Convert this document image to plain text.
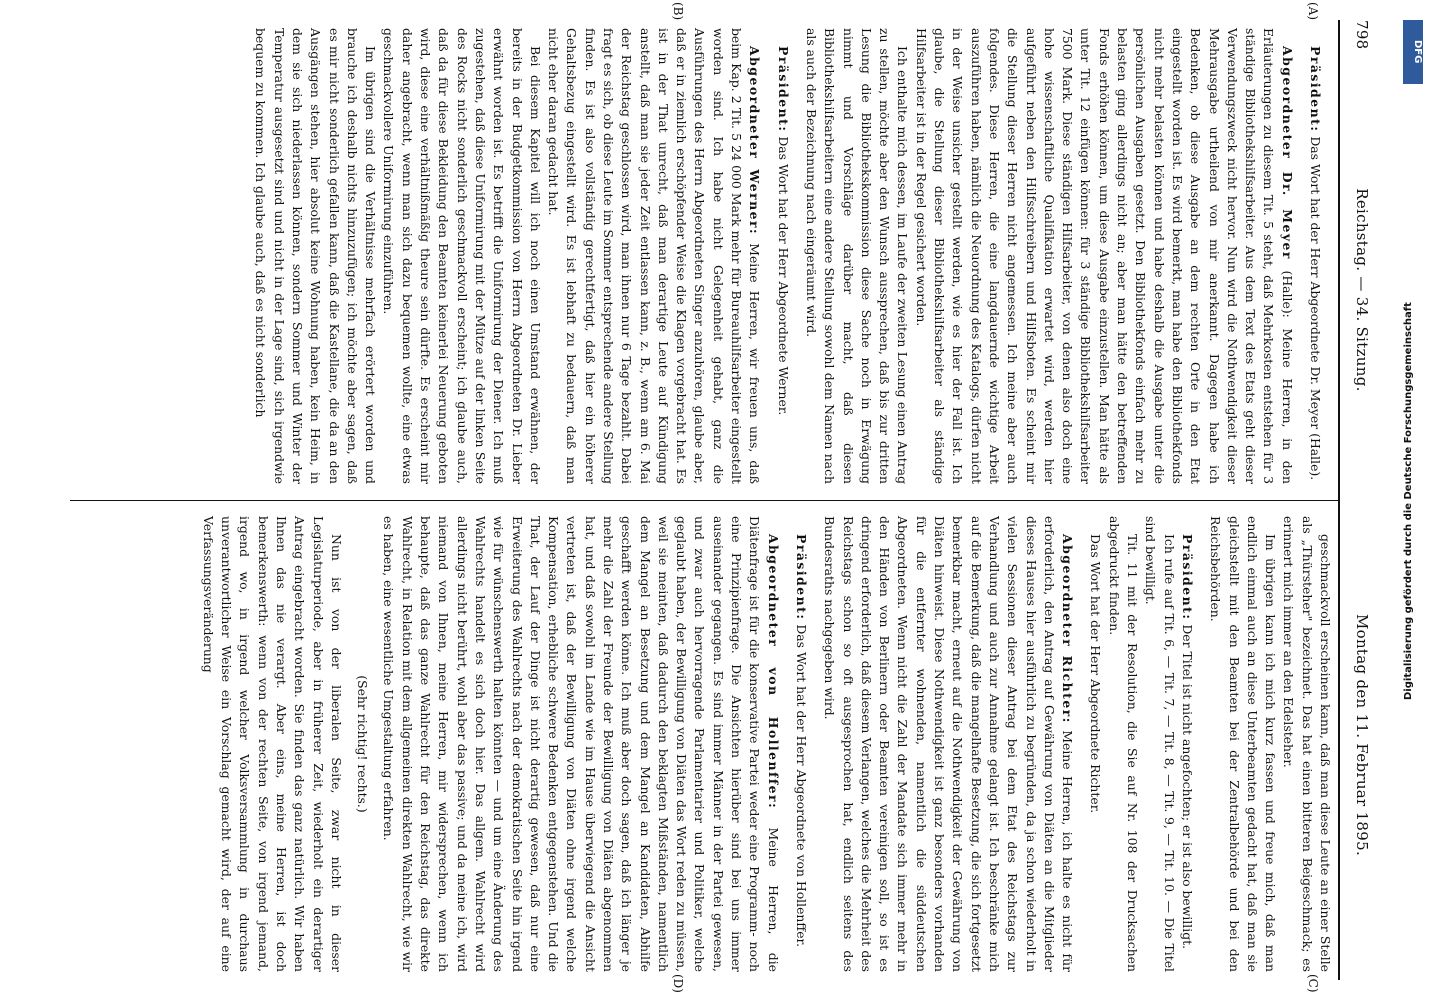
798
Reichstag. — 34. Sitzung.
Montag den 11. Februar 1895.
(A)
(B)
(C)
(D)

Präsident: Das Wort hat der Herr Abgeordnete Dr. Meyer (Halle).

Abgeordneter Dr. Meyer (Halle): Meine Herren, in den Erläuterungen zu diesem Tit. 5 steht, daß Mehrkosten entstehen für 3 ständige Bibliothekshilfsarbeiter. Aus dem Text des Etats geht dieser Verwendungszweck nicht hervor. Nun wird die Nothwendigkeit dieser Mehrausgabe urtheilend von mir anerkannt. Dagegen habe ich Bedenken, ob diese Ausgabe an dem rechten Orte in den Etat eingestellt worden ist. Es wird bemerkt, man habe den Bibliothekfonds nicht mehr belasten können und habe deshalb die Ausgabe unter die persönlichen Ausgaben gesetzt. Den Bibliothekfonds einfach mehr zu belasten ging allerdings nicht an; aber man hätte den betreffenden Fonds erhöhen können, um diese Ausgabe einzustellen. Man hätte als unter Tit. 12 einfügen können: für 3 ständige Bibliothekshilfsarbeiter 7500 Mark. Diese ständigen Hilfsarbeiter, von denen also doch eine hohe wissenschaftliche Qualifikation erwartet wird, werden hier aufgeführt neben den Hilfsschreibern und Hilfsboten. Es scheint mir die Stellung dieser Herren nicht angemessen. Ich meine aber auch folgendes. Diese Herren, die eine langdauernde wichtige Arbeit auszuführen haben, nämlich die Neuordnung des Katalogs, dürfen nicht in der Weise unsicher gestellt werden, wie es hier der Fall ist. Ich glaube, die Stellung dieser Bibliothekshilfsarbeiter als ständige Hilfsarbeiter ist in der Regel gesichert worden.

Ich enthalte mich dessen, im Laufe der zweiten Lesung einen Antrag zu stellen, möchte aber den Wunsch aussprechen, daß bis zur dritten Lesung die Bibliothekskommission diese Sache noch in Erwägung nimmt und Vorschläge darüber macht, daß diesen Bibliothekshilfsarbeitern eine andere Stellung sowohl dem Namen nach als auch der Bezeichnung nach eingeräumt wird.

Präsident: Das Wort hat der Herr Abgeordnete Werner.

Abgeordneter Werner: Meine Herren, wir freuen uns, daß beim Kap. 2 Tit. 5 24 000 Mark mehr für Bureauhilfsarbeiter eingestellt worden sind. Ich habe nicht Gelegenheit gehabt, ganz die Ausführungen des Herrn Abgeordneten Singer anzuhören, glaube aber, daß er in ziemlich erschöpfender Weise die Klagen vorgebracht hat. Es ist in der That unrecht, daß man derartige Leute auf Kündigung anstellt, daß man sie jeder Zeit entlassen kann, z. B., wenn am 6. Mai der Reichstag geschlossen wird, man ihnen nur 6 Tage bezahlt. Dabei fragt es sich, ob diese Leute im Sommer entsprechende andere Stellung finden. Es ist also vollständig gerechtfertigt, daß hier ein höherer Gehaltsbezug eingestellt wird. Es ist lebhaft zu bedauern, daß man nicht eher daran gedacht hat.

Bei diesem Kapitel will ich noch einen Umstand erwähnen, der bereits in der Budgetkommission von Herrn Abgeordneten Dr. Lieber erwähnt worden ist. Es betrifft die Uniformirung der Diener. Ich muß zugestehen, daß diese Uniformirung mit der Mütze auf der linken Seite des Rocks nicht sonderlich geschmackvoll erscheint; ich glaube auch, daß da für diese Bekleidung den Beamten keinerlei Neuerung geboten wird, diese eine verhältnißmäßig theure sein dürfte. Es erscheint mir daher angebracht, wenn man sich dazu bequemen wollte, eine etwas geschmackvollere Uniformirung einzuführen.

Im übrigen sind die Verhältnisse mehrfach erörtert worden und brauche ich deshalb nichts hinzuzufügen; ich möchte aber sagen, daß es mir nicht sonderlich gefallen kann, daß die Kastellane, die da an den Ausgängen stehen, hier absolut keine Wohnung haben, kein Heim, in dem sie sich niederlassen können, sondern Sommer und Winter der Temperatur ausgesetzt sind und nicht in der Lage sind, sich irgendwie bequem zu kommen. Ich glaube auch, daß es nicht sonderlich

geschmackvoll erscheinen kann, daß man diese Leute an einer Stelle als „Thürsteher" bezeichnet. Das hat einen bitteren Beigeschmack; es erinnert mich immer an den Edelsteher.

Im übrigen kann ich mich kurz fassen und freue mich, daß man endlich einmal auch an diese Unterbeamten gedacht hat, daß man sie gleichstellt mit den Beamten bei der Zentralbehörde und bei den Reichsbehörden.

Präsident: Der Titel ist nicht angefochten; er ist also bewilligt.

Ich rufe auf Tit. 6, — Tit. 7, — Tit. 8, — Tit. 9, — Tit. 10. — Die Titel sind bewilligt.

Tit. 11 mit der Resolution, die Sie auf Nr. 108 der Drucksachen abgedruckt finden.

Das Wort hat der Herr Abgeordnete Richter.

Abgeordneter Richter: Meine Herren, ich halte es nicht für erforderlich, den Antrag auf Gewährung von Diäten an die Mitglieder dieses Hauses hier ausführlich zu begründen, da ja schon wiederholt in vielen Sessionen dieser Antrag bei dem Etat des Reichstags zur Verhandlung und auch zur Annahme gelangt ist. Ich beschränke mich auf die Bemerkung, daß die mangelhafte Besetzung, die sich fortgesetzt bemerkbar macht, erneut auf die Nothwendigkeit der Gewährung von Diäten hinweist. Diese Nothwendigkeit ist ganz besonders vorhanden für die entfernter wohnenden, namentlich die süddeutschen Abgeordneten. Wenn nicht die Zahl der Mandate sich immer mehr in den Händen von Berlinern oder Beamten vereinigen soll, so ist es dringend erforderlich, daß diesem Verlangen, welches die Mehrheit des Reichstags schon so oft ausgesprochen hat, endlich seitens des Bundesraths nachgegeben wird.

Präsident: Das Wort hat der Herr Abgeordnete von Hollenffer.

Abgeordneter von Hollenffer: Meine Herren, die Diätenfrage ist für die konservative Partei weder eine Programm- noch eine Prinzipienfrage. Die Ansichten hierüber sind bei uns immer auseinander gegangen. Es sind immer Männer in der Partei gewesen, und zwar auch hervorragende Parlamentarier und Politiker, welche geglaubt haben, der Bewilligung von Diäten das Wort reden zu müssen, weil sie meinten, daß dadurch den beklagten Mißständen, namentlich dem Mangel an Besetzung und dem Mangel an Kandidaten, Abhilfe geschafft werden könne. Ich muß aber doch sagen, daß ich länger je mehr die Zahl der Freunde der Bewilligung von Diäten abgenommen hat, und daß sowohl im Lande wie im Hause überwiegend die Ansicht vertreten ist, daß der Bewilligung von Diäten ohne irgend welche Kompensation, erhebliche schwere Bedenken entgegenstehen. Und die That, der Lauf der Dinge ist nicht derartig gewesen, daß nur eine Erweiterung des Wahlrechts nach der demokratischen Seite hin irgend wie für wünschenswerth halten könnten — und um eine Änderung des Wahlrechts handelt es sich doch hier. Das allgem. Wahlrecht wird allerdings nicht berührt, wohl aber das passive; und da meine ich, wird niemand von Ihnen, meine Herren, mir widersprechen, wenn ich behaupte, daß das ganze Wahlrecht für den Reichstag, das direkte Wahlrecht, in Relation mit dem allgemeinen direkten Wahlrecht, wie wir es haben, eine wesentliche Umgestaltung erfahren.

(Sehr richtig! rechts.)

Nun ist von der liberalen Seite, zwar nicht in dieser Legislaturperiode, aber in früherer Zeit, wiederholt ein derartiger Antrag eingebracht worden. Sie finden das ganz natürlich. Wir haben Ihnen das nie verargt. Aber eins, meine Herren, ist doch bemerkenswerth: wenn von der rechten Seite, von irgend jemand, irgend wo, in irgend welcher Volksversammlung in durchaus unverantwortlicher Weise ein Vorschlag gemacht wird, der auf eine Verfassungsveränderung

DFG
Digitalisierung gefördert durch die Deutsche Forschungsgemeinschaft
